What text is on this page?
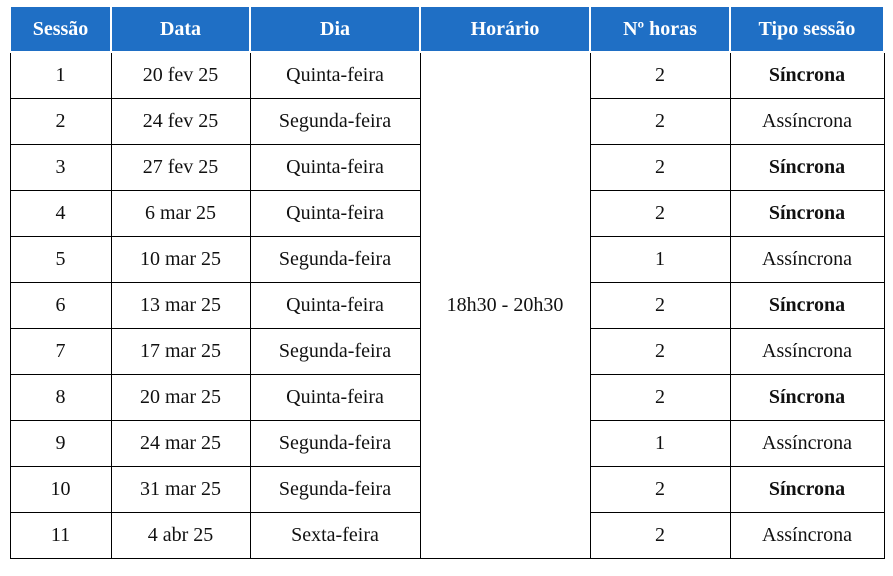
Sessão	Data	Dia	Horário	Nº horas	Tipo sessão
1	20 fev 25	Quinta-feira	18h30 - 20h30	2	Síncrona
2	24 fev 25	Segunda-feira		2	Assíncrona
3	27 fev 25	Quinta-feira		2	Síncrona
4	6 mar 25	Quinta-feira		2	Síncrona
5	10 mar 25	Segunda-feira		1	Assíncrona
6	13 mar 25	Quinta-feira		2	Síncrona
7	17 mar 25	Segunda-feira		2	Assíncrona
8	20 mar 25	Quinta-feira		2	Síncrona
9	24 mar 25	Segunda-feira		1	Assíncrona
10	31 mar 25	Segunda-feira		2	Síncrona
11	4 abr 25	Sexta-feira		2	Assíncrona
